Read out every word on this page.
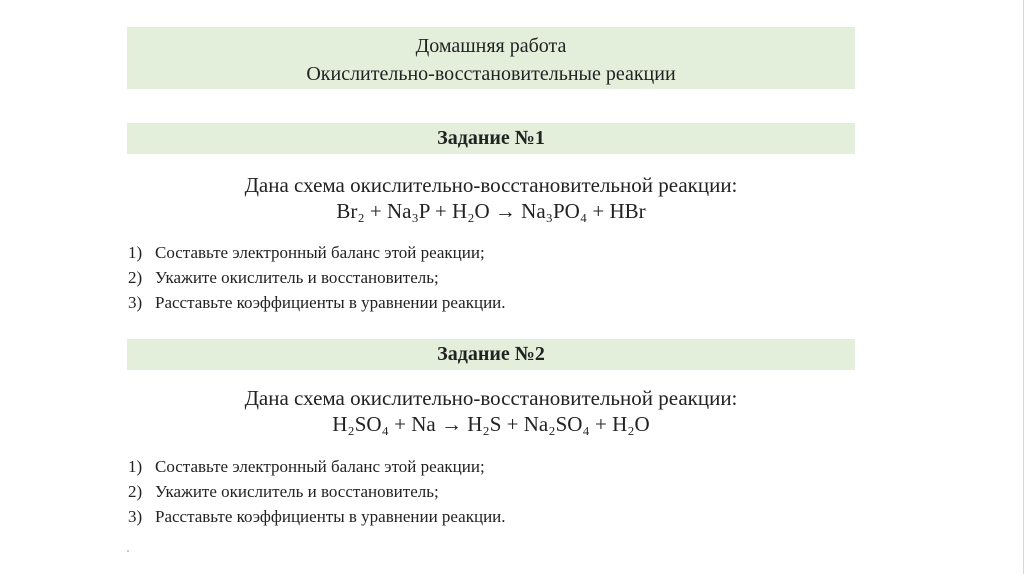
Домашняя работа
Окислительно-восстановительные реакции
Задание №1
Дана схема окислительно-восстановительной реакции:
Br₂ + Na₃P + H₂O → Na₃PO₄ + HBr
1) Составьте электронный баланс этой реакции;
2) Укажите окислитель и восстановитель;
3) Расставьте коэффициенты в уравнении реакции.
Задание №2
Дана схема окислительно-восстановительной реакции:
H₂SO₄ + Na → H₂S + Na₂SO₄ + H₂O
1) Составьте электронный баланс этой реакции;
2) Укажите окислитель и восстановитель;
3) Расставьте коэффициенты в уравнении реакции.
